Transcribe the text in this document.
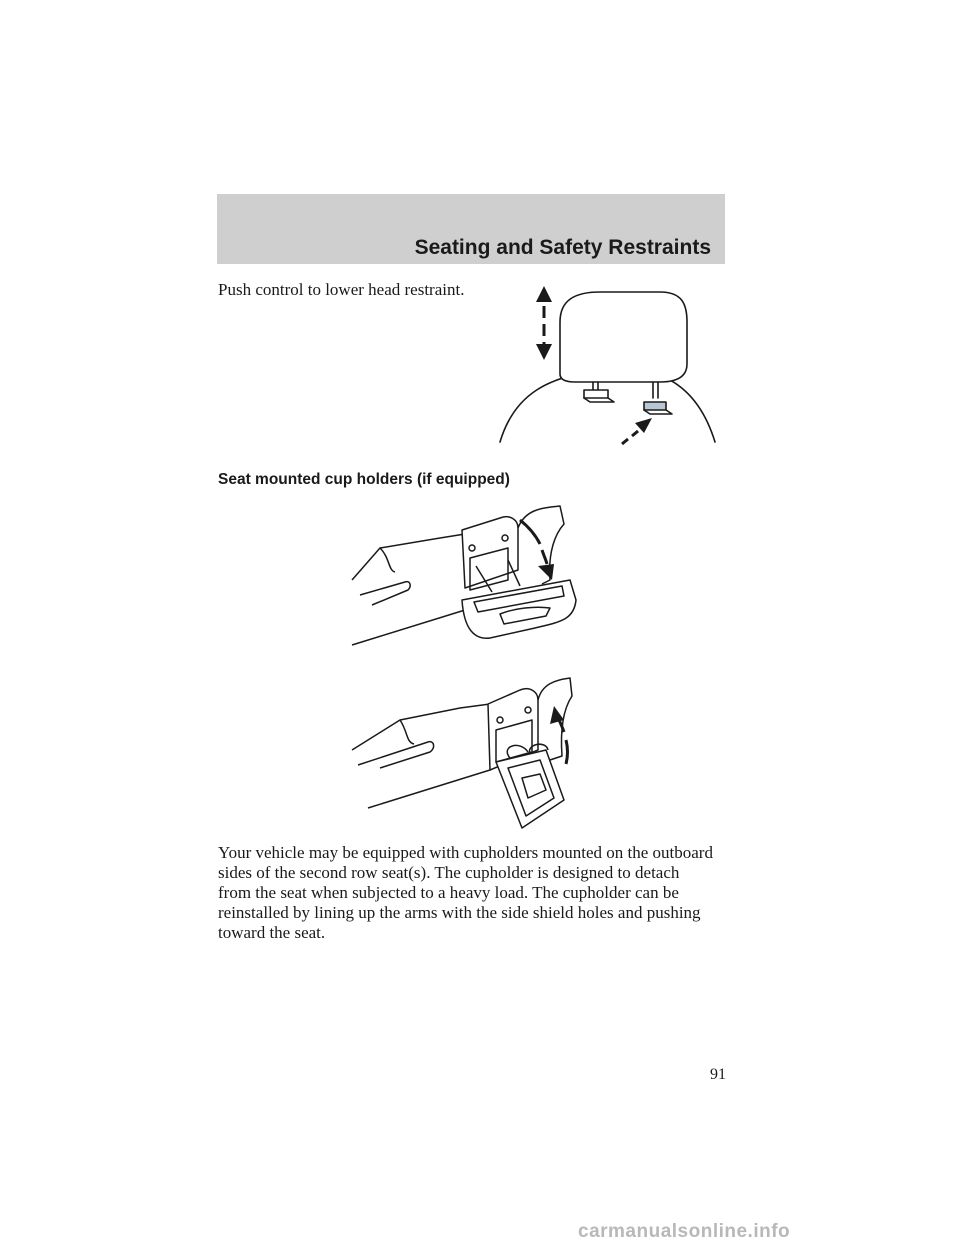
Seating and Safety Restraints
Push control to lower head restraint.
Seat mounted cup holders (if equipped)
Your vehicle may be equipped with cupholders mounted on the outboard
sides of the second row seat(s). The cupholder is designed to detach
from the seat when subjected to a heavy load. The cupholder can be
reinstalled by lining up the arms with the side shield holes and pushing
toward the seat.
91
carmanualsonline.info
